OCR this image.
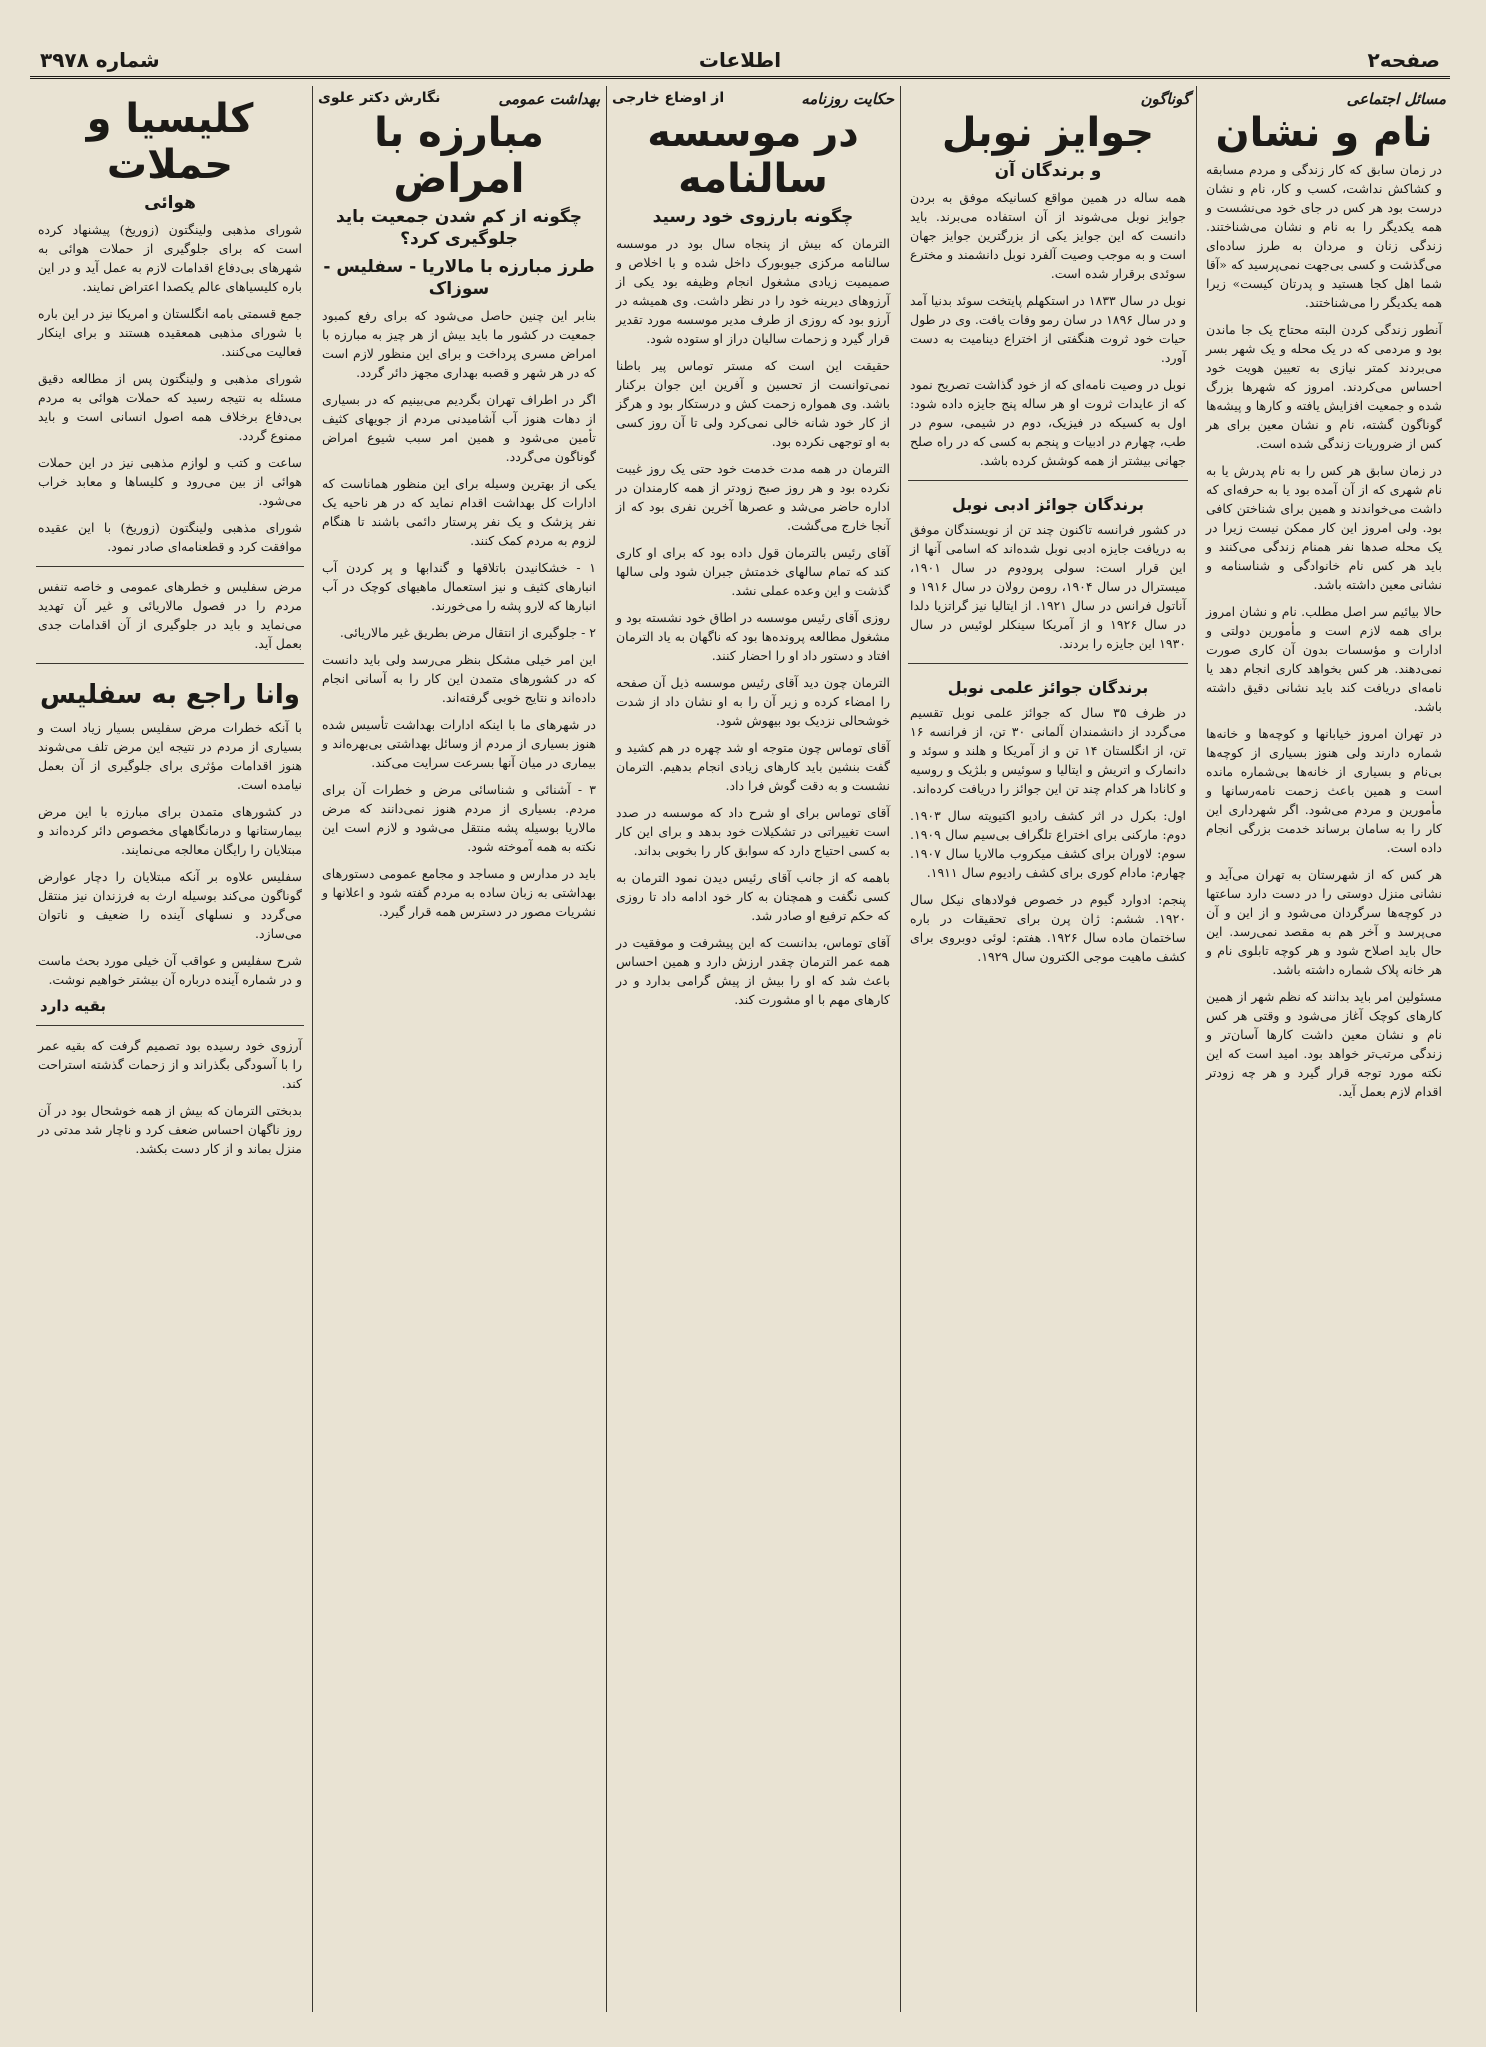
صفحه۲
اطلاعات
شماره ۳۹۷۸
مسائل اجتماعی
نام و نشان

در زمان سابق که کار زندگی و مردم مسابقه و کشاکش نداشت، کسب و کار، نام و نشان درست بود هر کس در جای خود می‌نشست و همه یکدیگر را به نام و نشان می‌شناختند. زندگی زنان و مردان به طرز ساده‌ای می‌گذشت و کسی بی‌جهت نمی‌پرسید که «آقا شما اهل کجا هستید و پدرتان کیست» زیرا همه یکدیگر را می‌شناختند.

آنطور زندگی کردن البته محتاج یک جا ماندن بود و مردمی که در یک محله و یک شهر بسر می‌بردند کمتر نیازی به تعیین هویت خود احساس می‌کردند. امروز که شهرها بزرگ شده و جمعیت افزایش یافته و کارها و پیشه‌ها گوناگون گشته، نام و نشان معین برای هر کس از ضروریات زندگی شده است.

در زمان سابق هر کس را به نام پدرش یا به نام شهری که از آن آمده بود یا به حرفه‌ای که داشت می‌خواندند و همین برای شناختن کافی بود. ولی امروز این کار ممکن نیست زیرا در یک محله صدها نفر همنام زندگی می‌کنند و باید هر کس نام خانوادگی و شناسنامه و نشانی معین داشته باشد.

حالا بیائیم سر اصل مطلب. نام و نشان امروز برای همه لازم است و مأمورین دولتی و ادارات و مؤسسات بدون آن کاری صورت نمی‌دهند. هر کس بخواهد کاری انجام دهد یا نامه‌ای دریافت کند باید نشانی دقیق داشته باشد.

در تهران امروز خیابانها و کوچه‌ها و خانه‌ها شماره دارند ولی هنوز بسیاری از کوچه‌ها بی‌نام و بسیاری از خانه‌ها بی‌شماره مانده است و همین باعث زحمت نامه‌رسانها و مأمورین و مردم می‌شود. اگر شهرداری این کار را به سامان برساند خدمت بزرگی انجام داده است.

هر کس که از شهرستان به تهران می‌آید و نشانی منزل دوستی را در دست دارد ساعتها در کوچه‌ها سرگردان می‌شود و از این و آن می‌پرسد و آخر هم به مقصد نمی‌رسد. این حال باید اصلاح شود و هر کوچه تابلوی نام و هر خانه پلاک شماره داشته باشد.

مسئولین امر باید بدانند که نظم شهر از همین کارهای کوچک آغاز می‌شود و وقتی هر کس نام و نشان معین داشت کارها آسان‌تر و زندگی مرتب‌تر خواهد بود. امید است که این نکته مورد توجه قرار گیرد و هر چه زودتر اقدام لازم بعمل آید.

گوناگون
جوایز نوبل
و برندگان آن

همه ساله در همین مواقع کسانیکه موفق به بردن جوایز نوبل می‌شوند از آن استفاده می‌برند. باید دانست که این جوایز یکی از بزرگترین جوایز جهان است و به موجب وصیت آلفرد نوبل دانشمند و مخترع سوئدی برقرار شده است.

نوبل در سال ۱۸۳۳ در استکهلم پایتخت سوئد بدنیا آمد و در سال ۱۸۹۶ در سان رمو وفات یافت. وی در طول حیات خود ثروت هنگفتی از اختراع دینامیت به دست آورد.

نوبل در وصیت نامه‌ای که از خود گذاشت تصریح نمود که از عایدات ثروت او هر ساله پنج جایزه داده شود: اول به کسیکه در فیزیک، دوم در شیمی، سوم در طب، چهارم در ادبیات و پنجم به کسی که در راه صلح جهانی بیشتر از همه کوشش کرده باشد.

برندگان جوائز ادبی نوبل

در کشور فرانسه تاکنون چند تن از نویسندگان موفق به دریافت جایزه ادبی نوبل شده‌اند که اسامی آنها از این قرار است: سولی پرودوم در سال ۱۹۰۱، میسترال در سال ۱۹۰۴، رومن رولان در سال ۱۹۱۶ و آناتول فرانس در سال ۱۹۲۱. از ایتالیا نیز گراتزیا دلدا در سال ۱۹۲۶ و از آمریکا سینکلر لوئیس در سال ۱۹۳۰ این جایزه را بردند.

برندگان جوائز علمی نوبل

در ظرف ۳۵ سال که جوائز علمی نوبل تقسیم می‌گردد از دانشمندان آلمانی ۳۰ تن، از فرانسه ۱۶ تن، از انگلستان ۱۴ تن و از آمریکا و هلند و سوئد و دانمارک و اتریش و ایتالیا و سوئیس و بلژیک و روسیه و کانادا هر کدام چند تن این جوائز را دریافت کرده‌اند.

اول: بکرل در اثر کشف رادیو اکتیویته سال ۱۹۰۳. دوم: مارکنی برای اختراع تلگراف بی‌سیم سال ۱۹۰۹. سوم: لاوران برای کشف میکروب مالاریا سال ۱۹۰۷. چهارم: مادام کوری برای کشف رادیوم سال ۱۹۱۱.

پنجم: ادوارد گیوم در خصوص فولادهای نیکل سال ۱۹۲۰. ششم: ژان پرن برای تحقیقات در باره ساختمان ماده سال ۱۹۲۶. هفتم: لوئی دوبروی برای کشف ماهیت موجی الکترون سال ۱۹۲۹.

حکایت روزنامه
از اوضاع خارجی
در موسسه سالنامه
چگونه بارزوی خود رسید

الترمان که بیش از پنجاه سال بود در موسسه سالنامه مرکزی جیوبورک داخل شده و با اخلاص و صمیمیت زیادی مشغول انجام وظیفه بود یکی از آرزوهای دیرینه خود را در نظر داشت. وی همیشه در آرزو بود که روزی از طرف مدیر موسسه مورد تقدیر قرار گیرد و زحمات سالیان دراز او ستوده شود.

حقیقت این است که مستر توماس پیر باطنا نمی‌توانست از تحسین و آفرین این جوان برکنار باشد. وی همواره زحمت کش و درستکار بود و هرگز از کار خود شانه خالی نمی‌کرد ولی تا آن روز کسی به او توجهی نکرده بود.

الترمان در همه مدت خدمت خود حتی یک روز غیبت نکرده بود و هر روز صبح زودتر از همه کارمندان در اداره حاضر می‌شد و عصرها آخرین نفری بود که از آنجا خارج می‌گشت.

آقای رئیس بالترمان قول داده بود که برای او کاری کند که تمام سالهای خدمتش جبران شود ولی سالها گذشت و این وعده عملی نشد.

روزی آقای رئیس موسسه در اطاق خود نشسته بود و مشغول مطالعه پرونده‌ها بود که ناگهان به یاد الترمان افتاد و دستور داد او را احضار کنند.

الترمان چون دید آقای رئیس موسسه ذیل آن صفحه را امضاء کرده و زیر آن را به او نشان داد از شدت خوشحالی نزدیک بود بیهوش شود.

آقای توماس چون متوجه او شد چهره در هم کشید و گفت بنشین باید کارهای زیادی انجام بدهیم. الترمان نشست و به دقت گوش فرا داد.

آقای توماس برای او شرح داد که موسسه در صدد است تغییراتی در تشکیلات خود بدهد و برای این کار به کسی احتیاج دارد که سوابق کار را بخوبی بداند.

باهمه که از جانب آقای رئیس دیدن نمود الترمان به کسی نگفت و همچنان به کار خود ادامه داد تا روزی که حکم ترفیع او صادر شد.

آقای توماس، بدانست که این پیشرفت و موفقیت در همه عمر الترمان چقدر ارزش دارد و همین احساس باعث شد که او را بیش از پیش گرامی بدارد و در کارهای مهم با او مشورت کند.

بهداشت عمومی
نگارش دکتر علوی
مبارزه با امراض
چگونه از کم شدن جمعیت باید جلوگیری کرد؟
طرز مبارزه با مالاریا - سفلیس - سوزاک

بنابر این چنین حاصل می‌شود که برای رفع کمبود جمعیت در کشور ما باید بیش از هر چیز به مبارزه با امراض مسری پرداخت و برای این منظور لازم است که در هر شهر و قصبه بهداری مجهز دائر گردد.

اگر در اطراف تهران بگردیم می‌بینیم که در بسیاری از دهات هنوز آب آشامیدنی مردم از جویهای کثیف تأمین می‌شود و همین امر سبب شیوع امراض گوناگون می‌گردد.

یکی از بهترین وسیله برای این منظور هماناست که ادارات کل بهداشت اقدام نماید که در هر ناحیه یک نفر پزشک و یک نفر پرستار دائمی باشند تا هنگام لزوم به مردم کمک کنند.

۱ - خشکانیدن باتلاقها و گندابها و پر کردن آب انبارهای کثیف و نیز استعمال ماهیهای کوچک در آب انبارها که لارو پشه را می‌خورند.

۲ - جلوگیری از انتقال مرض بطریق غیر مالاریائی.

این امر خیلی مشکل بنظر می‌رسد ولی باید دانست که در کشورهای متمدن این کار را به آسانی انجام داده‌اند و نتایج خوبی گرفته‌اند.

در شهرهای ما با اینکه ادارات بهداشت تأسیس شده هنوز بسیاری از مردم از وسائل بهداشتی بی‌بهره‌اند و بیماری در میان آنها بسرعت سرایت می‌کند.

۳ - آشنائی و شناسائی مرض و خطرات آن برای مردم. بسیاری از مردم هنوز نمی‌دانند که مرض مالاریا بوسیله پشه منتقل می‌شود و لازم است این نکته به همه آموخته شود.

باید در مدارس و مساجد و مجامع عمومی دستورهای بهداشتی به زبان ساده به مردم گفته شود و اعلانها و نشریات مصور در دسترس همه قرار گیرد.

کلیسیا و حملات
هوائی

شورای مذهبی ولینگتون (زوریخ) پیشنهاد کرده است که برای جلوگیری از حملات هوائی به شهرهای بی‌دفاع اقدامات لازم به عمل آید و در این باره کلیسیاهای عالم یکصدا اعتراض نمایند.

جمع قسمتی بامه انگلستان و امریکا نیز در این باره با شورای مذهبی همعقیده هستند و برای اینکار فعالیت می‌کنند.

شورای مذهبی و ولینگتون پس از مطالعه دقیق مسئله به نتیجه رسید که حملات هوائی به مردم بی‌دفاع برخلاف همه اصول انسانی است و باید ممنوع گردد.

ساعت و کتب و لوازم مذهبی نیز در این حملات هوائی از بین می‌رود و کلیساها و معابد خراب می‌شود.

شورای مذهبی ولینگتون (زوریخ) با این عقیده موافقت کرد و قطعنامه‌ای صادر نمود.

مرض سفلیس و خطرهای عمومی و خاصه تنفس مردم را در فصول مالاریائی و غیر آن تهدید می‌نماید و باید در جلوگیری از آن اقدامات جدی بعمل آید.

وانا راجع به سفلیس

با آنکه خطرات مرض سفلیس بسیار زیاد است و بسیاری از مردم در نتیجه این مرض تلف می‌شوند هنوز اقدامات مؤثری برای جلوگیری از آن بعمل نیامده است.

در کشورهای متمدن برای مبارزه با این مرض بیمارستانها و درمانگاههای مخصوص دائر کرده‌اند و مبتلایان را رایگان معالجه می‌نمایند.

سفلیس علاوه بر آنکه مبتلایان را دچار عوارض گوناگون می‌کند بوسیله ارث به فرزندان نیز منتقل می‌گردد و نسلهای آینده را ضعیف و ناتوان می‌سازد.

شرح سفلیس و عواقب آن خیلی مورد بحث ماست و در شماره آینده درباره آن بیشتر خواهیم نوشت.

بقیه دارد

آرزوی خود رسیده بود تصمیم گرفت که بقیه عمر را با آسودگی بگذراند و از زحمات گذشته استراحت کند.

بدبختی الترمان که بیش از همه خوشحال بود در آن روز ناگهان احساس ضعف کرد و ناچار شد مدتی در منزل بماند و از کار دست بکشد.
